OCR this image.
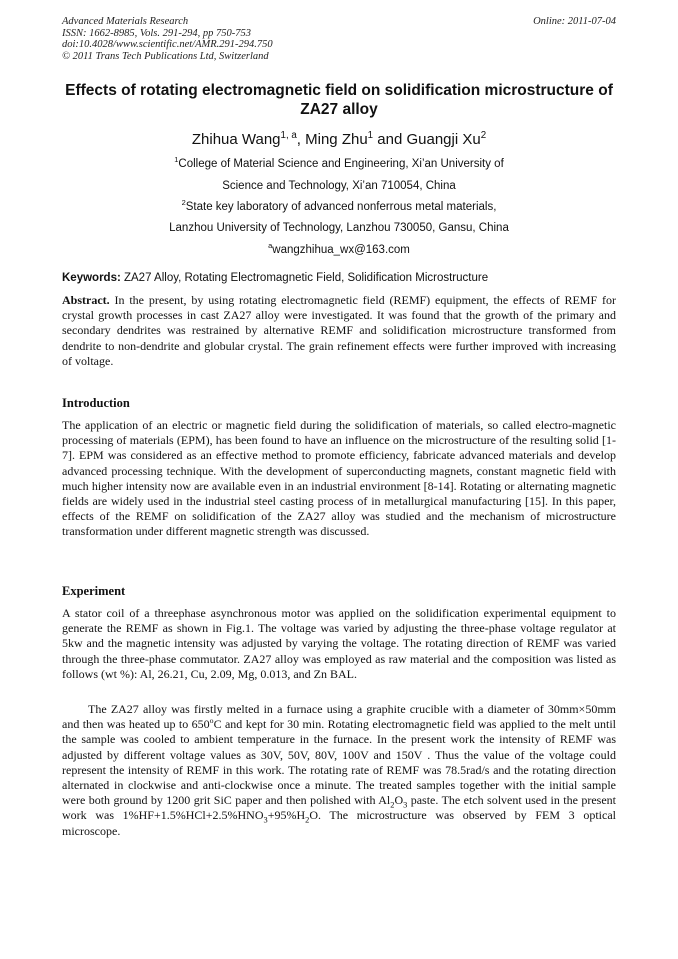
Advanced Materials Research
ISSN: 1662-8985, Vols. 291-294, pp 750-753
doi:10.4028/www.scientific.net/AMR.291-294.750
© 2011 Trans Tech Publications Ltd, Switzerland
Online: 2011-07-04
Effects of rotating electromagnetic field on solidification microstructure of ZA27 alloy
Zhihua Wang$^{1, a}$, Ming Zhu$^1$ and Guangji Xu$^2$
$^1$College of Material Science and Engineering, Xi’an University of
Science and Technology, Xi’an 710054, China
$^2$State key laboratory of advanced nonferrous metal materials,
Lanzhou University of Technology, Lanzhou 730050, Gansu, China
$^a$wangzhihua_wx@163.com
Keywords: ZA27 Alloy, Rotating Electromagnetic Field, Solidification Microstructure
Abstract. In the present, by using rotating electromagnetic field (REMF) equipment, the effects of REMF for crystal growth processes in cast ZA27 alloy were investigated. It was found that the growth of the primary and secondary dendrites was restrained by alternative REMF and solidification microstructure transformed from dendrite to non-dendrite and globular crystal. The grain refinement effects were further improved with increasing of voltage.
Introduction
The application of an electric or magnetic field during the solidification of materials, so called electro-magnetic processing of materials (EPM), has been found to have an influence on the microstructure of the resulting solid [1-7]. EPM was considered as an effective method to promote efficiency, fabricate advanced materials and develop advanced processing technique. With the development of superconducting magnets, constant magnetic field with much higher intensity now are available even in an industrial environment [8-14]. Rotating or alternating magnetic fields are widely used in the industrial steel casting process of in metallurgical manufacturing [15]. In this paper, effects of the REMF on solidification of the ZA27 alloy was studied and the mechanism of microstructure transformation under different magnetic strength was discussed.
Experiment
A stator coil of a threephase asynchronous motor was applied on the solidification experimental equipment to generate the REMF as shown in Fig.1. The voltage was varied by adjusting the three-phase voltage regulator at 5kw and the magnetic intensity was adjusted by varying the voltage. The rotating direction of REMF was varied through the three-phase commutator. ZA27 alloy was employed as raw material and the composition was listed as follows (wt %): Al, 26.21, Cu, 2.09, Mg, 0.013, and Zn BAL.
The ZA27 alloy was firstly melted in a furnace using a graphite crucible with a diameter of 30mm×50mm and then was heated up to 650$^o$C and kept for 30 min. Rotating electromagnetic field was applied to the melt until the sample was cooled to ambient temperature in the furnace. In the present work the intensity of REMF was adjusted by different voltage values as 30V, 50V, 80V, 100V and 150V . Thus the value of the voltage could represent the intensity of REMF in this work. The rotating rate of REMF was 78.5rad/s and the rotating direction alternated in clockwise and anti-clockwise once a minute. The treated samples together with the initial sample were both ground by 1200 grit SiC paper and then polished with $Al_2O_3$ paste. The etch solvent used in the present work was $1\%HF+1.5\%HCl+2.5\%HNO_3+95\%H_2O$. The microstructure was observed by FEM 3 optical microscope.
